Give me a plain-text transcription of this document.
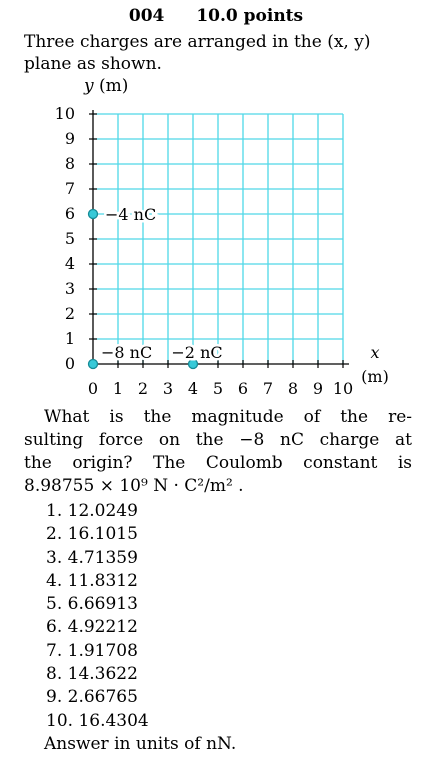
004 10.0 points
Three charges are arranged in the (x, y) plane as shown.
y (m)
0 1 2 3 4 5 6 7 8 9 10
0
1
2
3
4
5
6
7
8
9
10
x
(m)
−4 nC
−8 nC −2 nC

What is the magnitude of the re-

sulting force on the −8 nC charge at

the origin? The Coulomb constant is

8.98755 × 10⁹ N · C²/m² .

1. 12.0249
2. 16.1015
3. 4.71359
4. 11.8312
5. 6.66913
6. 4.92212
7. 1.91708
8. 14.3622
9. 2.66765
10. 16.4304
Answer in units of nN.
